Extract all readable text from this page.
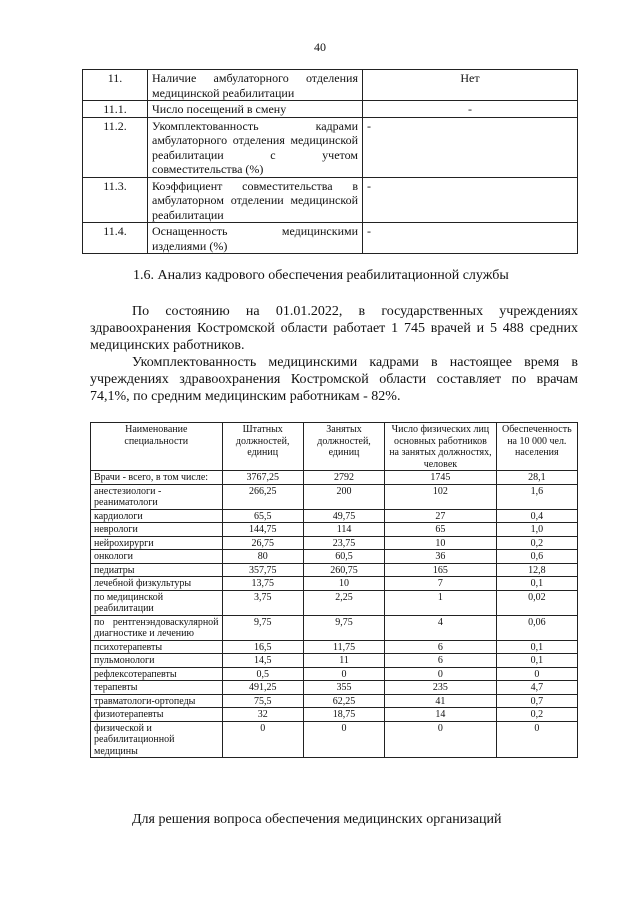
40
11.	Наличие амбулаторного отделения медицинской реабилитации	Нет
11.1.	Число посещений в смену	-
11.2.	Укомплектованность кадрами амбулаторного отделения медицинской реабилитации с учетом совместительства (%)	-
11.3.	Коэффициент совместительства в амбулаторном отделении медицинской реабилитации	-
11.4.	Оснащенность медицинскими изделиями (%)	-
1.6. Анализ кадрового обеспечения реабилитационной службы

По состоянию на 01.01.2022, в государственных учреждениях здравоохранения Костромской области работает 1 745 врачей и 5 488 средних медицинских работников.

Укомплектованность медицинскими кадрами в настоящее время в учреждениях здравоохранения Костромской области составляет по врачам 74,1%, по средним медицинским работникам - 82%.

Наименование специальности	Штатных должностей, единиц	Занятых должностей, единиц	Число физических лиц основных работников на занятых должностях, человек	Обеспеченность на 10 000 чел. населения
Врачи - всего, в том числе:	3767,25	2792	1745	28,1
анестезиологи - реаниматологи	266,25	200	102	1,6
кардиологи	65,5	49,75	27	0,4
неврологи	144,75	114	65	1,0
нейрохирурги	26,75	23,75	10	0,2
онкологи	80	60,5	36	0,6
педиатры	357,75	260,75	165	12,8
лечебной физкультуры	13,75	10	7	0,1
по медицинской реабилитации	3,75	2,25	1	0,02
по рентгенэндоваскулярной диагностике и лечению	9,75	9,75	4	0,06
психотерапевты	16,5	11,75	6	0,1
пульмонологи	14,5	11	6	0,1
рефлексотерапевты	0,5	0	0	0
терапевты	491,25	355	235	4,7
травматологи-ортопеды	75,5	62,25	41	0,7
физиотерапевты	32	18,75	14	0,2
физической и реабилитационной медицины	0	0	0	0

Для решения вопроса обеспечения медицинских организаций
